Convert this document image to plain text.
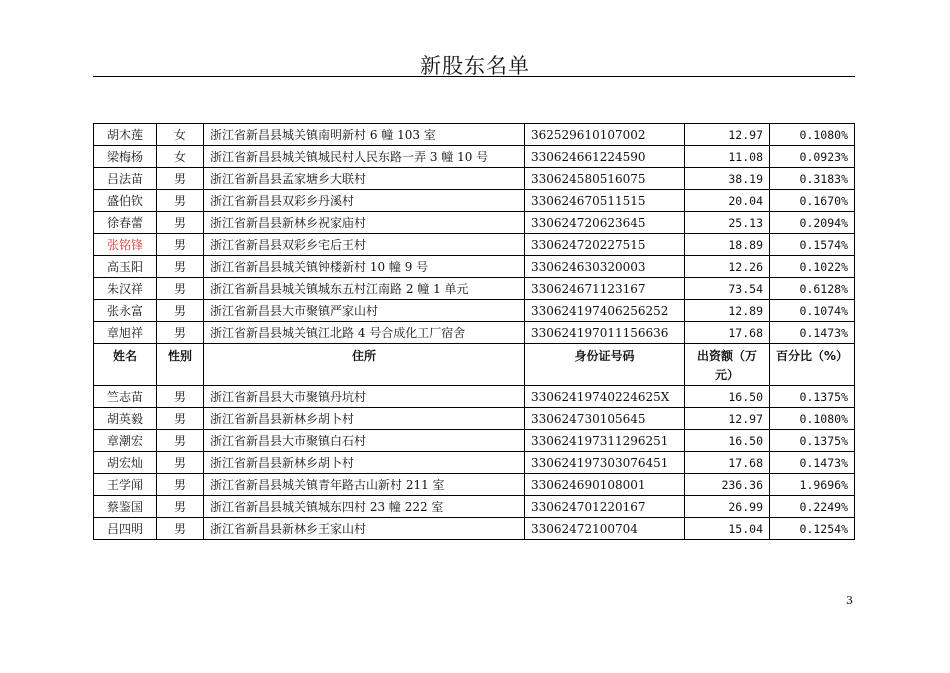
新股东名单
胡木莲	女	浙江省新昌县城关镇南明新村 6 幢 103 室	362529610107002	12.97	0.1080%
梁梅杨	女	浙江省新昌县城关镇城民村人民东路一弄 3 幢 10 号	330624661224590	11.08	0.0923%
吕法苗	男	浙江省新昌县孟家塘乡大联村	330624580516075	38.19	0.3183%
盛伯钦	男	浙江省新昌县双彩乡丹溪村	330624670511515	20.04	0.1670%
徐春蕾	男	浙江省新昌县新林乡祝家庙村	330624720623645	25.13	0.2094%
张铭锋	男	浙江省新昌县双彩乡宅后王村	330624720227515	18.89	0.1574%
高玉阳	男	浙江省新昌县城关镇钟楼新村 10 幢 9 号	330624630320003	12.26	0.1022%
朱汉祥	男	浙江省新昌县城关镇城东五村江南路 2 幢 1 单元	330624671123167	73.54	0.6128%
张永富	男	浙江省新昌县大市聚镇严家山村	330624197406256252	12.89	0.1074%
章旭祥	男	浙江省新昌县城关镇江北路 4 号合成化工厂宿舍	330624197011156636	17.68	0.1473%
姓名	性别	住所	身份证号码	出资额（万元）	百分比（%）
竺志苗	男	浙江省新昌县大市聚镇丹坑村	33062419740224625X	16.50	0.1375%
胡英毅	男	浙江省新昌县新林乡胡卜村	330624730105645	12.97	0.1080%
章潮宏	男	浙江省新昌县大市聚镇白石村	330624197311296251	16.50	0.1375%
胡宏灿	男	浙江省新昌县新林乡胡卜村	330624197303076451	17.68	0.1473%
王学闻	男	浙江省新昌县城关镇青年路古山新村 211 室	330624690108001	236.36	1.9696%
蔡鉴国	男	浙江省新昌县城关镇城东四村 23 幢 222 室	330624701220167	26.99	0.2249%
吕四明	男	浙江省新昌县新林乡王家山村	33062472100704	15.04	0.1254%
3
